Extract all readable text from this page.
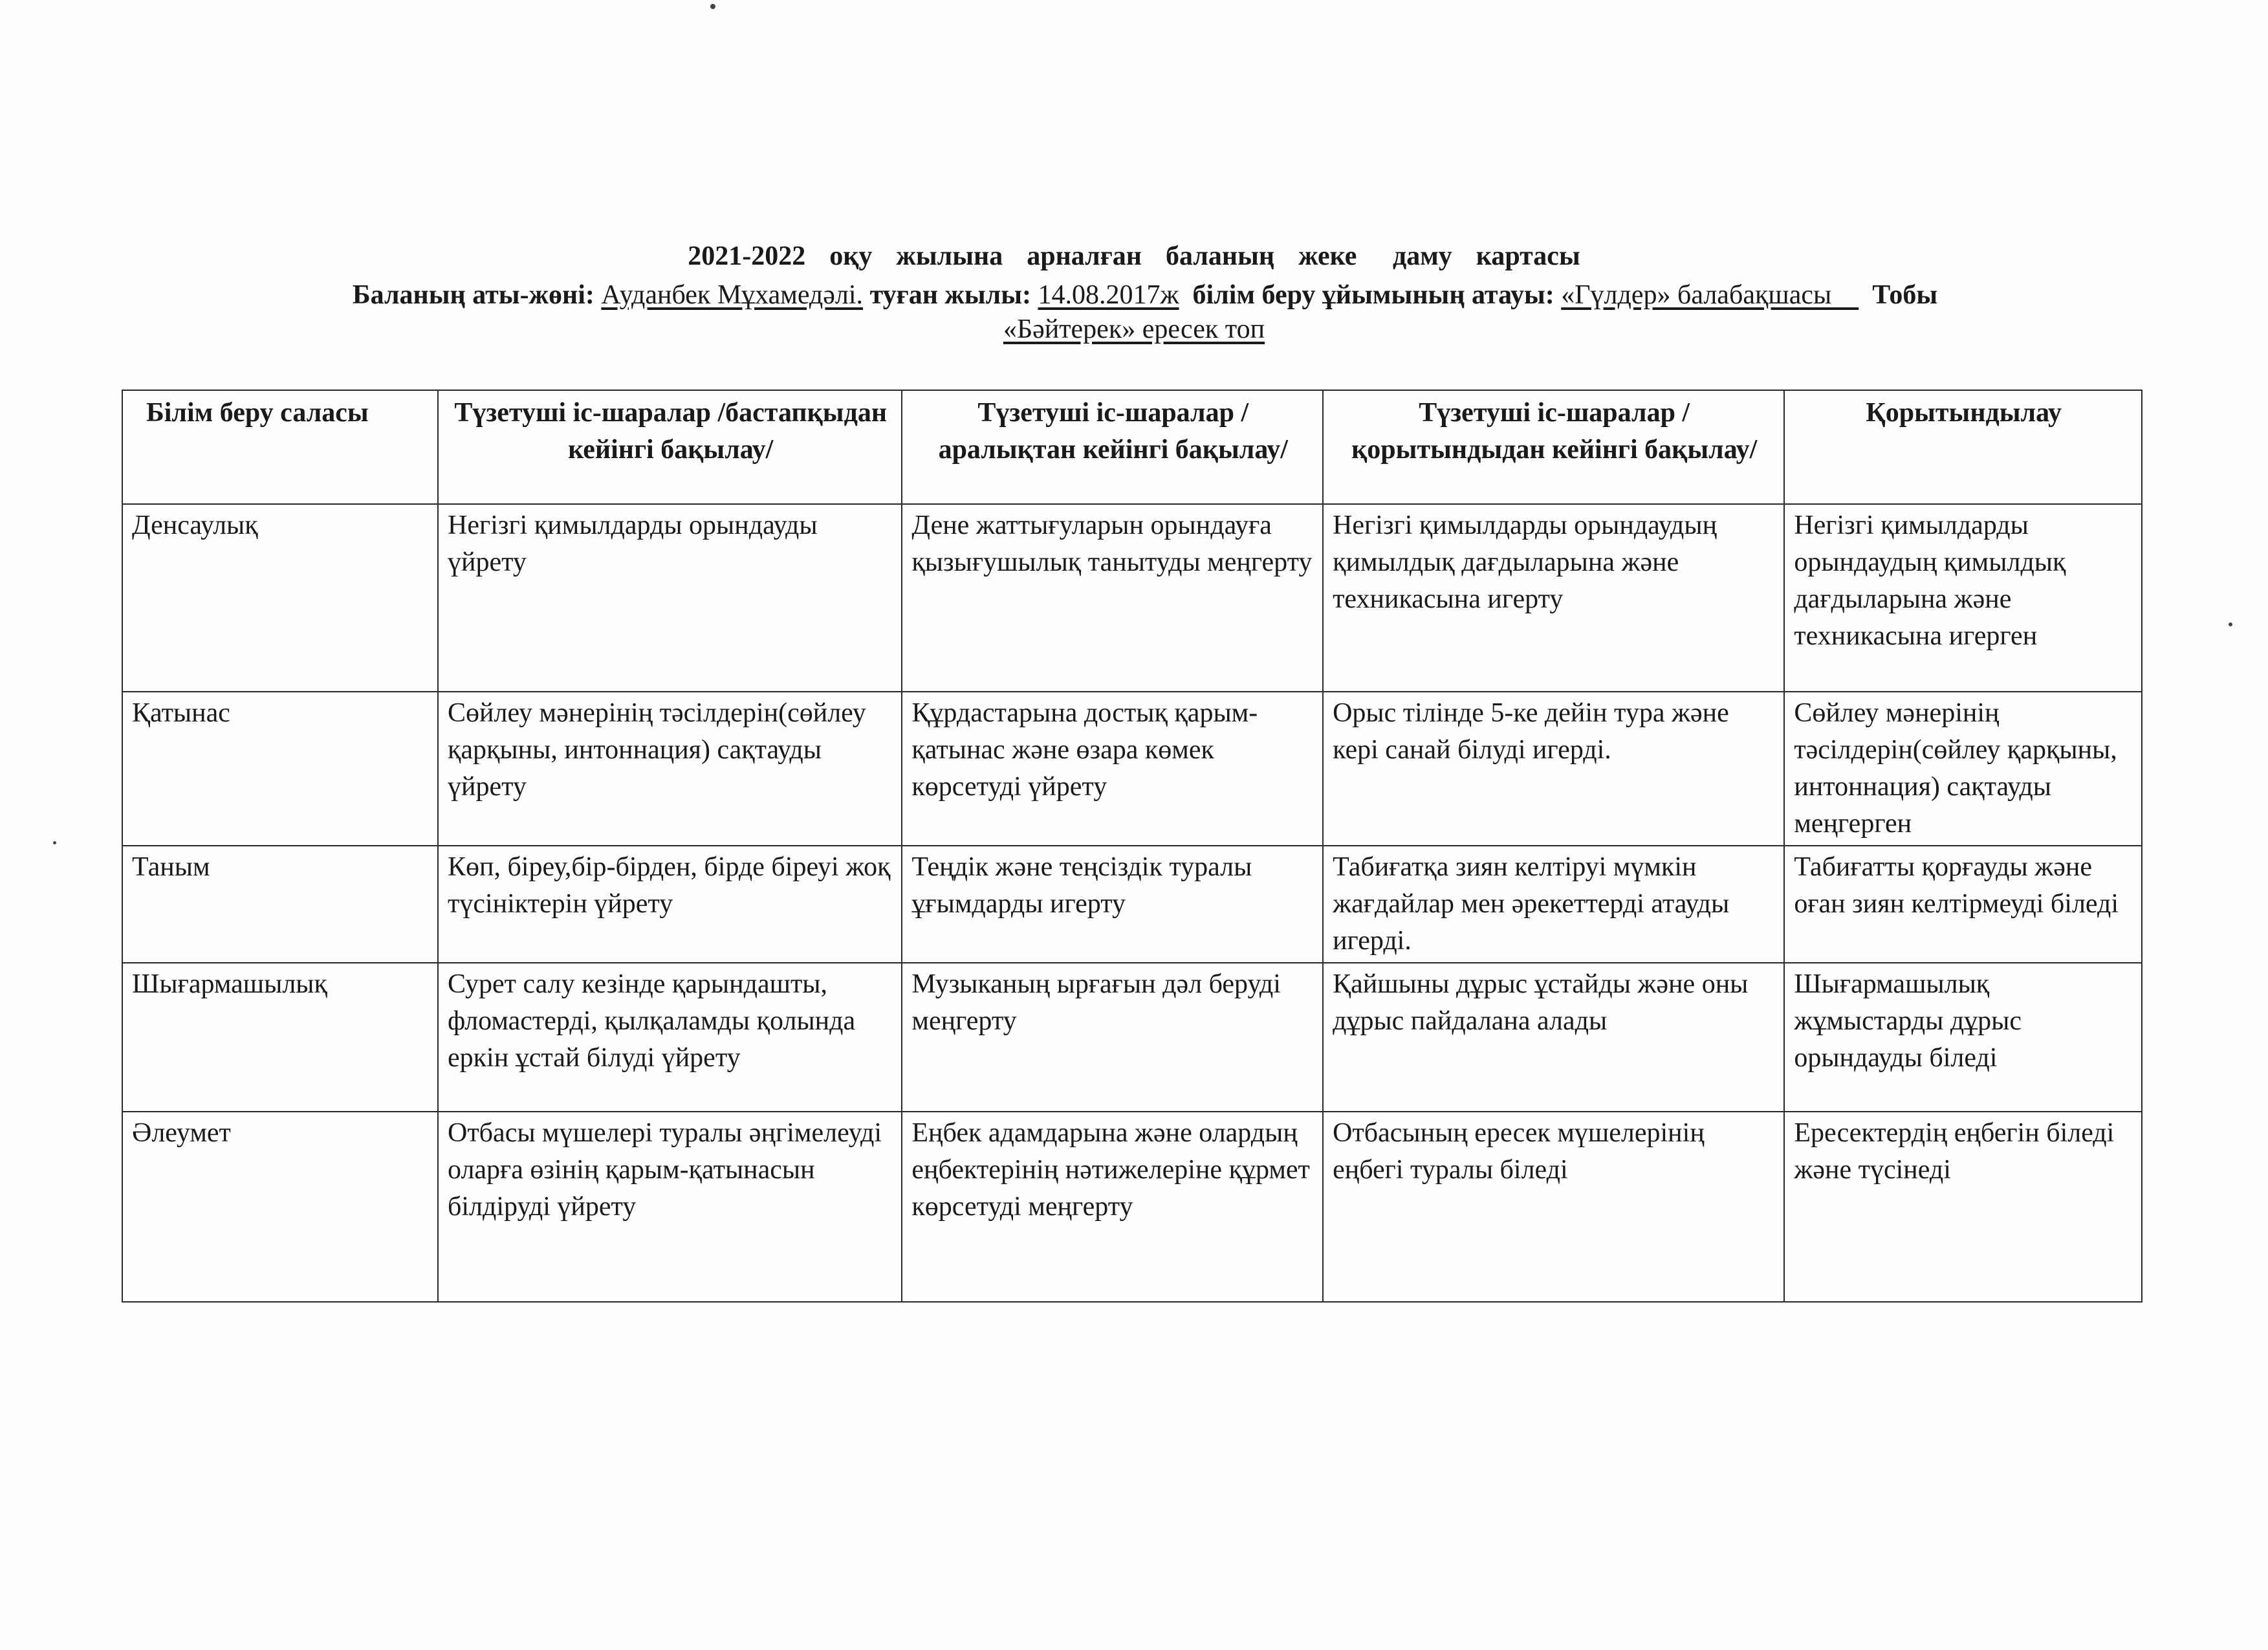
2021-2022  оқу  жылына  арналған  баланың  жеке   даму  картасы
Баланың аты-жөні: Ауданбек Мұхамедәлі. туған жылы: 14.08.2017ж білім беру ұйымының атауы: «Гүлдер» балабақшасы      Тобы
«Бәйтерек» ересек топ
Білім беру саласы	Түзетуші іс-шаралар /бастапқыдан кейінгі бақылау/	Түзетуші іс-шаралар / аралықтан кейінгі бақылау/	Түзетуші іс-шаралар / қорытындыдан кейінгі бақылау/	Қорытындылау
Денсаулық	Негізгі қимылдарды орындауды үйрету	Дене жаттығуларын орындауға қызығушылық танытуды меңгерту	Негізгі қимылдарды орындаудың қимылдық дағдыларына және техникасына игерту	Негізгі қимылдарды орындаудың қимылдық дағдыларына және техникасына игерген
Қатынас	Сөйлеу мәнерінің тәсілдерін(сөйлеу қарқыны, интоннация) сақтауды үйрету	Құрдастарына достық қарым-қатынас және өзара көмек көрсетуді үйрету	Орыс тілінде 5-ке дейін тура және кері санай білуді игерді.	Сөйлеу мәнерінің тәсілдерін(сөйлеу қарқыны, интоннация) сақтауды меңгерген
Таным	Көп, біреу,бір-бірден, бірде біреуі жоқ түсініктерін үйрету	Теңдік және теңсіздік туралы ұғымдарды игерту	Табиғатқа зиян келтіруі мүмкін жағдайлар мен әрекеттерді атауды игерді.	Табиғатты қорғауды және оған зиян келтірмеуді біледі
Шығармашылық	Сурет салу кезінде қарындашты, фломастерді, қылқаламды қолында еркін ұстай білуді үйрету	Музыканың ырғағын дәл беруді меңгерту	Қайшыны дұрыс ұстайды және оны дұрыс пайдалана алады	Шығармашылық жұмыстарды дұрыс орындауды біледі
Әлеумет	Отбасы мүшелері туралы әңгімелеуді оларға өзінің қарым-қатынасын білдіруді үйрету	Еңбек адамдарына және олардың еңбектерінің нәтижелеріне құрмет көрсетуді меңгерту	Отбасының ересек мүшелерінің еңбегі туралы біледі	Ересектердің еңбегін біледі және түсінеді
